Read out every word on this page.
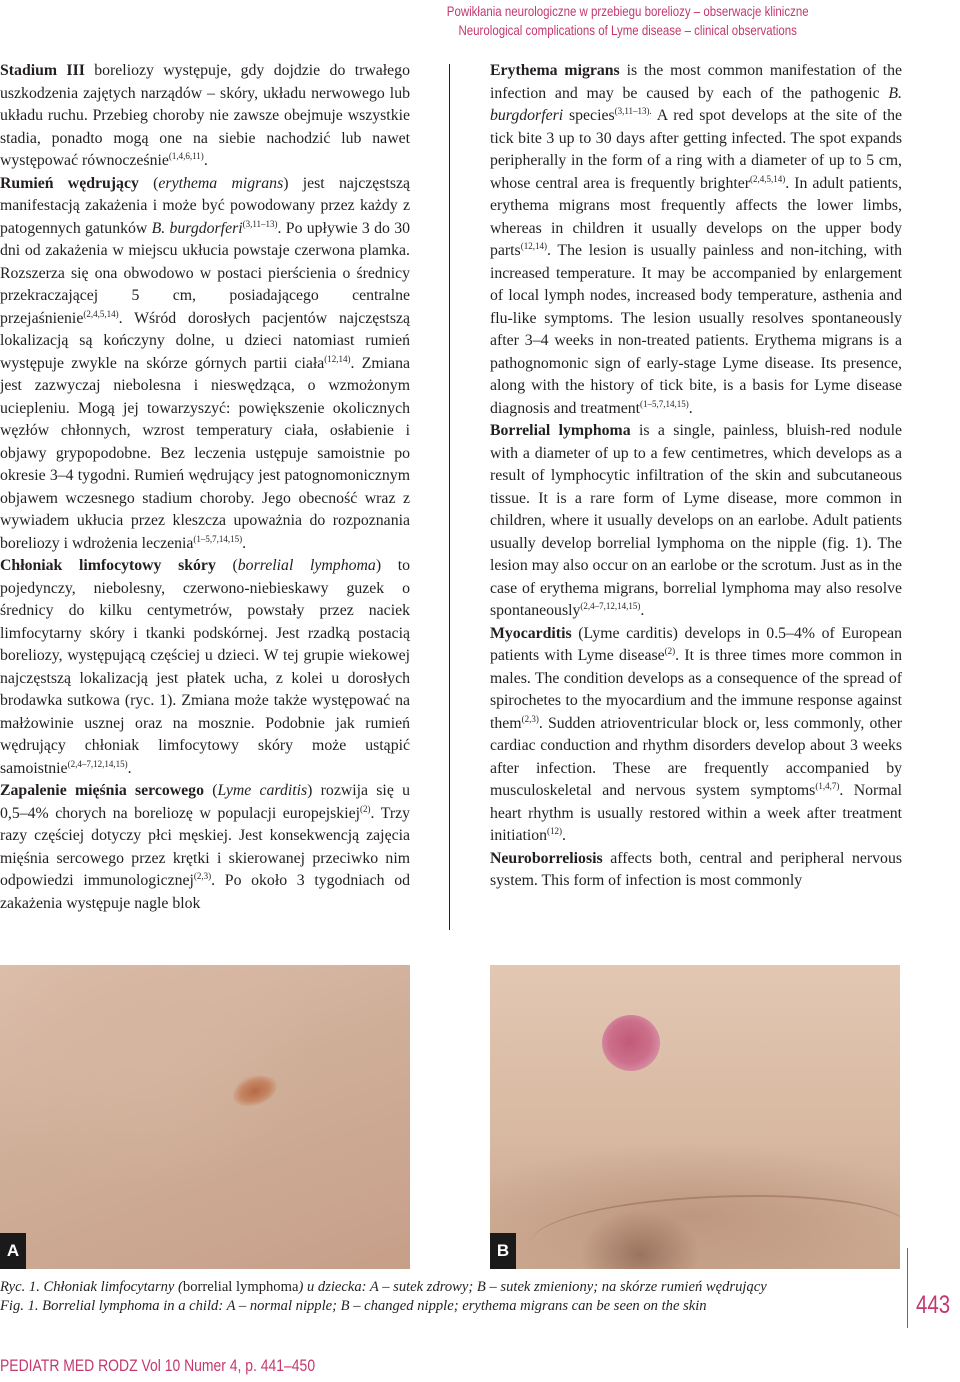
Powikłania neurologiczne w przebiegu boreliozy – obserwacje kliniczne
Neurological complications of Lyme disease – clinical observations

Stadium III boreliozy występuje, gdy dojdzie do trwałego uszkodzenia zajętych narządów – skóry, układu nerwowego lub układu ruchu. Przebieg choroby nie zawsze obejmuje wszystkie stadia, ponadto mogą one na siebie nachodzić lub nawet występować równocześnie$^{(1,4,6,11)}$.

Rumień wędrujący (erythema migrans) jest najczęstszą manifestacją zakażenia i może być powodowany przez każdy z patogennych gatunków B. burgdorferi$^{(3,11-13)}$. Po upływie 3 do 30 dni od zakażenia w miejscu ukłucia powstaje czerwona plamka. Rozszerza się ona obwodowo w postaci pierścienia o średnicy przekraczającej 5 cm, posiadającego centralne przejaśnienie$^{(2,4,5,14)}$. Wśród dorosłych pacjentów najczęstszą lokalizacją są kończyny dolne, u dzieci natomiast rumień występuje zwykle na skórze górnych partii ciała$^{(12,14)}$. Zmiana jest zazwyczaj niebolesna i nieswędząca, o wzmożonym uciepleniu. Mogą jej towarzyszyć: powiększenie okolicznych węzłów chłonnych, wzrost temperatury ciała, osłabienie i objawy grypopodobne. Bez leczenia ustępuje samoistnie po okresie 3–4 tygodni. Rumień wędrujący jest patognomonicznym objawem wczesnego stadium choroby. Jego obecność wraz z wywiadem ukłucia przez kleszcza upoważnia do rozpoznania boreliozy i wdrożenia leczenia$^{(1-5,7,14,15)}$.

Chłoniak limfocytowy skóry (borrelial lymphoma) to pojedynczy, niebolesny, czerwono-niebieskawy guzek o średnicy do kilku centymetrów, powstały przez naciek limfocytarny skóry i tkanki podskórnej. Jest rzadką postacią boreliozy, występującą częściej u dzieci. W tej grupie wiekowej najczęstszą lokalizacją jest płatek ucha, z kolei u dorosłych brodawka sutkowa (ryc. 1). Zmiana może także występować na małżowinie usznej oraz na mosznie. Podobnie jak rumień wędrujący chłoniak limfocytowy skóry może ustąpić samoistnie$^{(2,4-7,12,14,15)}$.

Zapalenie mięśnia sercowego (Lyme carditis) rozwija się u 0,5–4% chorych na boreliozę w populacji europejskiej$^{(2)}$. Trzy razy częściej dotyczy płci męskiej. Jest konsekwencją zajęcia mięśnia sercowego przez krętki i skierowanej przeciwko nim odpowiedzi immunologicznej$^{(2,3)}$. Po około 3 tygodniach od zakażenia występuje nagle blok

Erythema migrans is the most common manifestation of the infection and may be caused by each of the pathogenic B. burgdorferi species$^{(3,11-13).}$ A red spot develops at the site of the tick bite 3 up to 30 days after getting infected. The spot expands peripherally in the form of a ring with a diameter of up to 5 cm, whose central area is frequently brighter$^{(2,4,5,14)}$. In adult patients, erythema migrans most frequently affects the lower limbs, whereas in children it usually develops on the upper body parts$^{(12,14)}$. The lesion is usually painless and non-itching, with increased temperature. It may be accompanied by enlargement of local lymph nodes, increased body temperature, asthenia and flu-like symptoms. The lesion usually resolves spontaneously after 3–4 weeks in non-treated patients. Erythema migrans is a pathognomonic sign of early-stage Lyme disease. Its presence, along with the history of tick bite, is a basis for Lyme disease diagnosis and treatment$^{(1-5,7,14,15)}$.

Borrelial lymphoma is a single, painless, bluish-red nodule with a diameter of up to a few centimetres, which develops as a result of lymphocytic infiltration of the skin and subcutaneous tissue. It is a rare form of Lyme disease, more common in children, where it usually develops on an earlobe. Adult patients usually develop borrelial lymphoma on the nipple (fig. 1). The lesion may also occur on an earlobe or the scrotum. Just as in the case of erythema migrans, borrelial lymphoma may also resolve spontaneously$^{(2,4-7,12,14,15)}$.

Myocarditis (Lyme carditis) develops in 0.5–4% of European patients with Lyme disease$^{(2)}$. It is three times more common in males. The condition develops as a consequence of the spread of spirochetes to the myocardium and the immune response against them$^{(2,3)}$. Sudden atrioventricular block or, less commonly, other cardiac conduction and rhythm disorders develop about 3 weeks after infection. These are frequently accompanied by musculoskeletal and nervous system symptoms$^{(1,4,7)}$. Normal heart rhythm is usually restored within a week after treatment initiation$^{(12)}$.

Neuroborreliosis affects both, central and peripheral nervous system. This form of infection is most commonly

A	B
Ryc. 1. Chłoniak limfocytarny (borrelial lymphoma) u dziecka: A – sutek zdrowy; B – sutek zmieniony; na skórze rumień wędrujący
Fig. 1. Borrelial lymphoma in a child: A – normal nipple; B – changed nipple; erythema migrans can be seen on the skin	443
PEDIATR MED RODZ Vol 10 Numer 4, p. 441–450
